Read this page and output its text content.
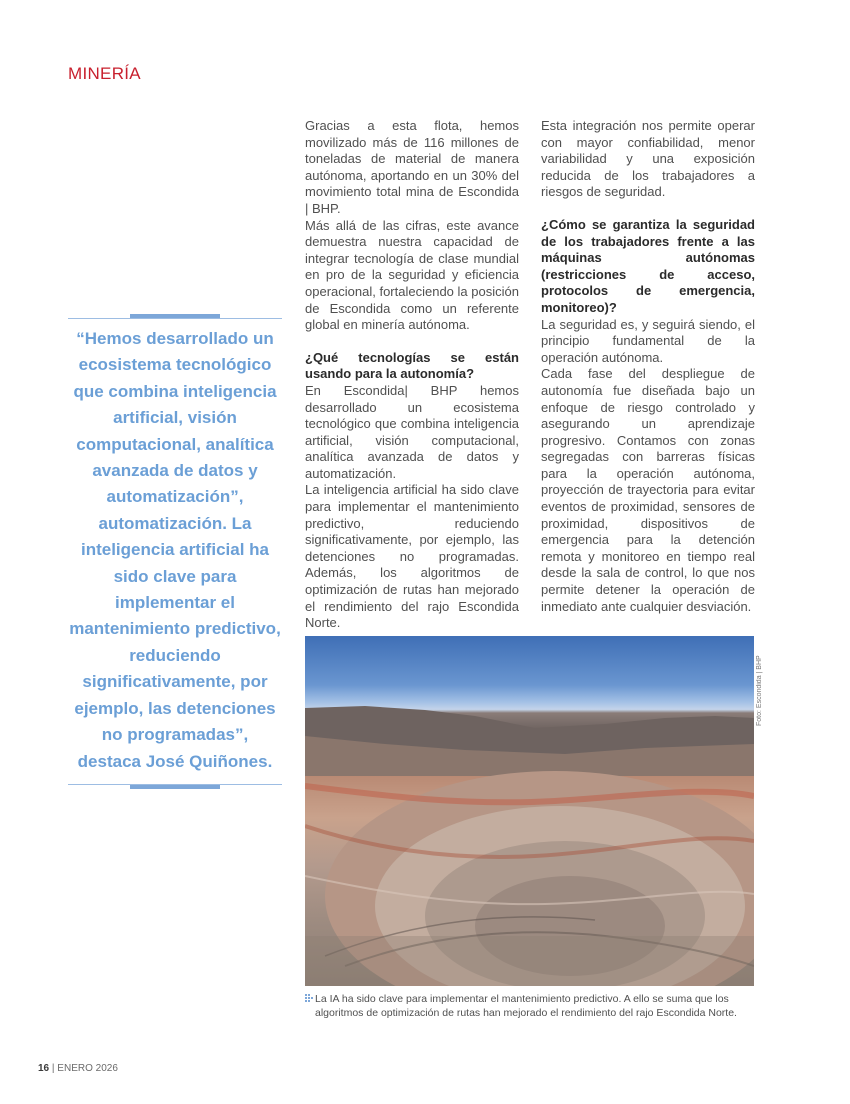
MINERÍA

“Hemos desarrollado un ecosistema tecnológico que combina inteligencia artificial, visión computacional, analítica avanzada de datos y automatización”, automatización. La inteligencia artificial ha sido clave para implementar el mantenimiento predictivo, reduciendo significativamente, por ejemplo, las detenciones no programadas”, destaca José Quiñones.

Gracias a esta flota, hemos movilizado más de 116 millones de toneladas de material de manera autónoma, aportando en un 30% del movimiento total mina de Escondida | BHP.

Más allá de las cifras, este avance demuestra nuestra capacidad de integrar tecnología de clase mundial en pro de la seguridad y eficiencia operacional, fortaleciendo la posición de Escondida como un referente global en minería autónoma.

¿Qué tecnologías se están usando para la autonomía?

En Escondida| BHP hemos desarrollado un ecosistema tecnológico que combina inteligencia artificial, visión computacional, analítica avanzada de datos y automatización.

La inteligencia artificial ha sido clave para implementar el mantenimiento predictivo, reduciendo significativamente, por ejemplo, las detenciones no programadas. Además, los algoritmos de optimización de rutas han mejorado el rendimiento del rajo Escondida Norte.

Esta integración nos permite operar con mayor confiabilidad, menor variabilidad y una exposición reducida de los trabajadores a riesgos de seguridad.

¿Cómo se garantiza la seguridad de los trabajadores frente a las máquinas autónomas (restricciones de acceso, protocolos de emergencia, monitoreo)?

La seguridad es, y seguirá siendo, el principio fundamental de la operación autónoma.

Cada fase del despliegue de autonomía fue diseñada bajo un enfoque de riesgo controlado y asegurando un aprendizaje progresivo. Contamos con zonas segregadas con barreras físicas para la operación autónoma, proyección de trayectoria para evitar eventos de proximidad, sensores de proximidad, dispositivos de emergencia para la detención remota y monitoreo en tiempo real desde la sala de control, lo que nos permite detener la operación de inmediato ante cualquier desviación.

Foto: Escondida | BHP
La IA ha sido clave para implementar el mantenimiento predictivo. A ello se suma que los algoritmos de optimización de rutas han mejorado el rendimiento del rajo Escondida Norte.
16 | ENERO 2026
